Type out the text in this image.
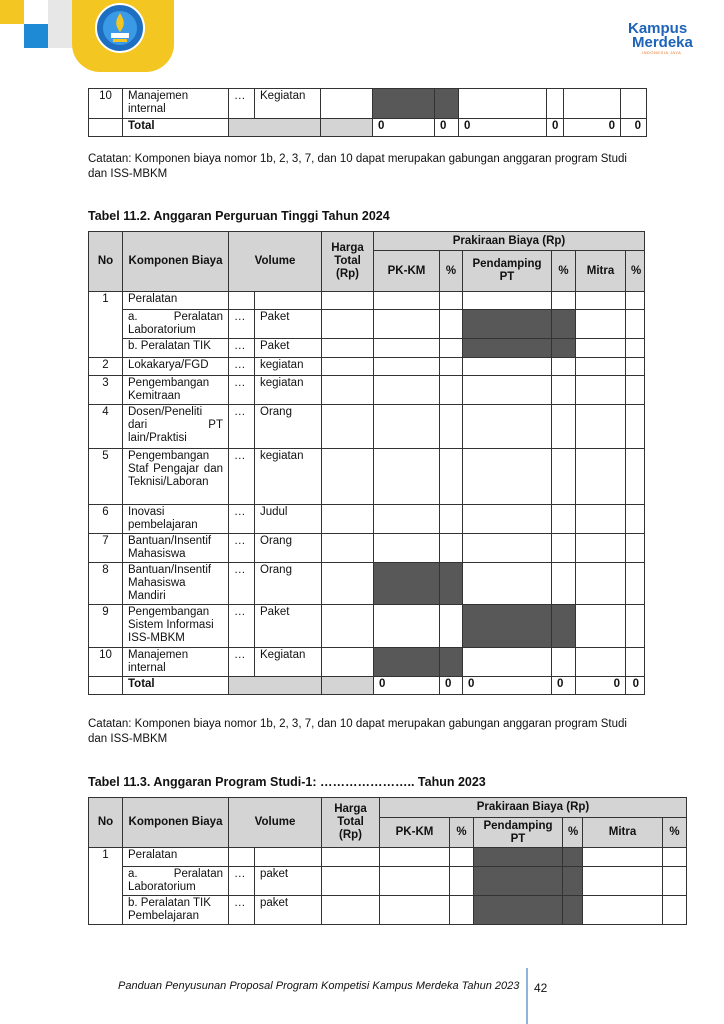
Kampus
Merdeka
INDONESIA JAYA
10	Manajemen internal	…	Kegiatan							
	Total				0	0	0	0	0	0

Catatan: Komponen biaya nomor 1b, 2, 3, 7, dan 10 dapat merupakan gabungan anggaran program Studi dan ISS-MBKM

Tabel 11.2. Anggaran Perguruan Tinggi Tahun 2024

No	Komponen Biaya	Volume		Harga Total (Rp)	Prakiraan Biaya (Rp)					
					PK-KM	%	Pendamping PT	%	Mitra	%
1	Peralatan									
	a. Peralatan Laboratorium	…	Paket							
	b. Peralatan TIK	…	Paket							
2	Lokakarya/FGD	…	kegiatan							
3	Pengembangan Kemitraan	…	kegiatan							
4	Dosen/Peneliti dari PT lain/Praktisi	…	Orang							
5	Pengembangan Staf Pengajar dan Teknisi/Laboran	…	kegiatan							
6	Inovasi pembelajaran	…	Judul							
7	Bantuan/Insentif Mahasiswa	…	Orang							
8	Bantuan/Insentif Mahasiswa Mandiri	…	Orang							
9	Pengembangan Sistem Informasi ISS-MBKM	…	Paket							
10	Manajemen internal	…	Kegiatan							
	Total				0	0	0	0	0	0

Catatan: Komponen biaya nomor 1b, 2, 3, 7, dan 10 dapat merupakan gabungan anggaran program Studi dan ISS-MBKM

Tabel 11.3. Anggaran Program Studi-1: ………………….. Tahun 2023

No	Komponen Biaya	Volume		Harga Total (Rp)	Prakiraan Biaya (Rp)					
					PK-KM	%	Pendamping PT	%	Mitra	%
1	Peralatan									
	a. Peralatan Laboratorium	…	paket							
	b. Peralatan TIK Pembelajaran	…	paket							
Panduan Penyusunan Proposal Program Kompetisi Kampus Merdeka Tahun 2023 42
